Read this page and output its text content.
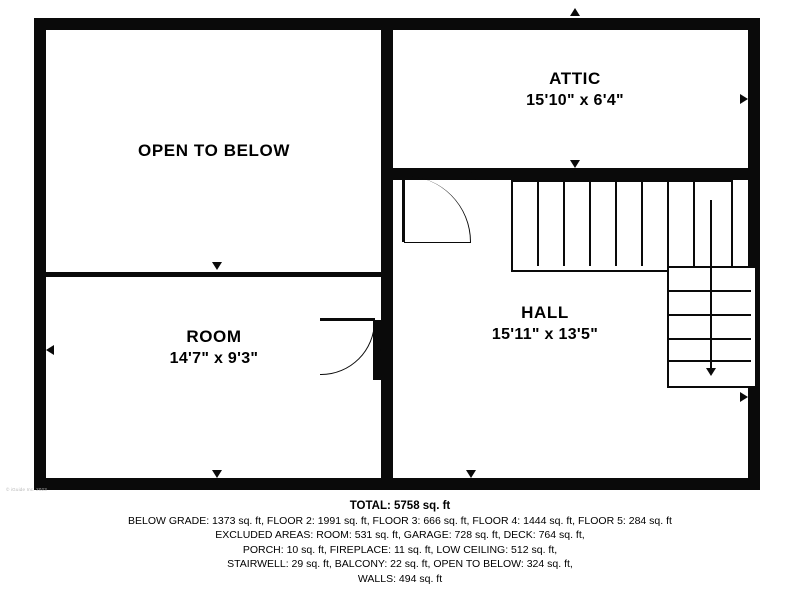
OPEN TO BELOW
ATTIC
15'10" x 6'4"
ROOM
14'7" x 9'3"
HALL
15'11" x 13'5"
© iGuide Inc. 2023
TOTAL: 5758 sq. ft
BELOW GRADE: 1373 sq. ft, FLOOR 2: 1991 sq. ft, FLOOR 3: 666 sq. ft, FLOOR 4: 1444 sq. ft, FLOOR 5: 284 sq. ft
EXCLUDED AREAS: ROOM: 531 sq. ft, GARAGE: 728 sq. ft, DECK: 764 sq. ft,
PORCH: 10 sq. ft, FIREPLACE: 11 sq. ft, LOW CEILING: 512 sq. ft,
STAIRWELL: 29 sq. ft, BALCONY: 22 sq. ft, OPEN TO BELOW: 324 sq. ft,
WALLS: 494 sq. ft
